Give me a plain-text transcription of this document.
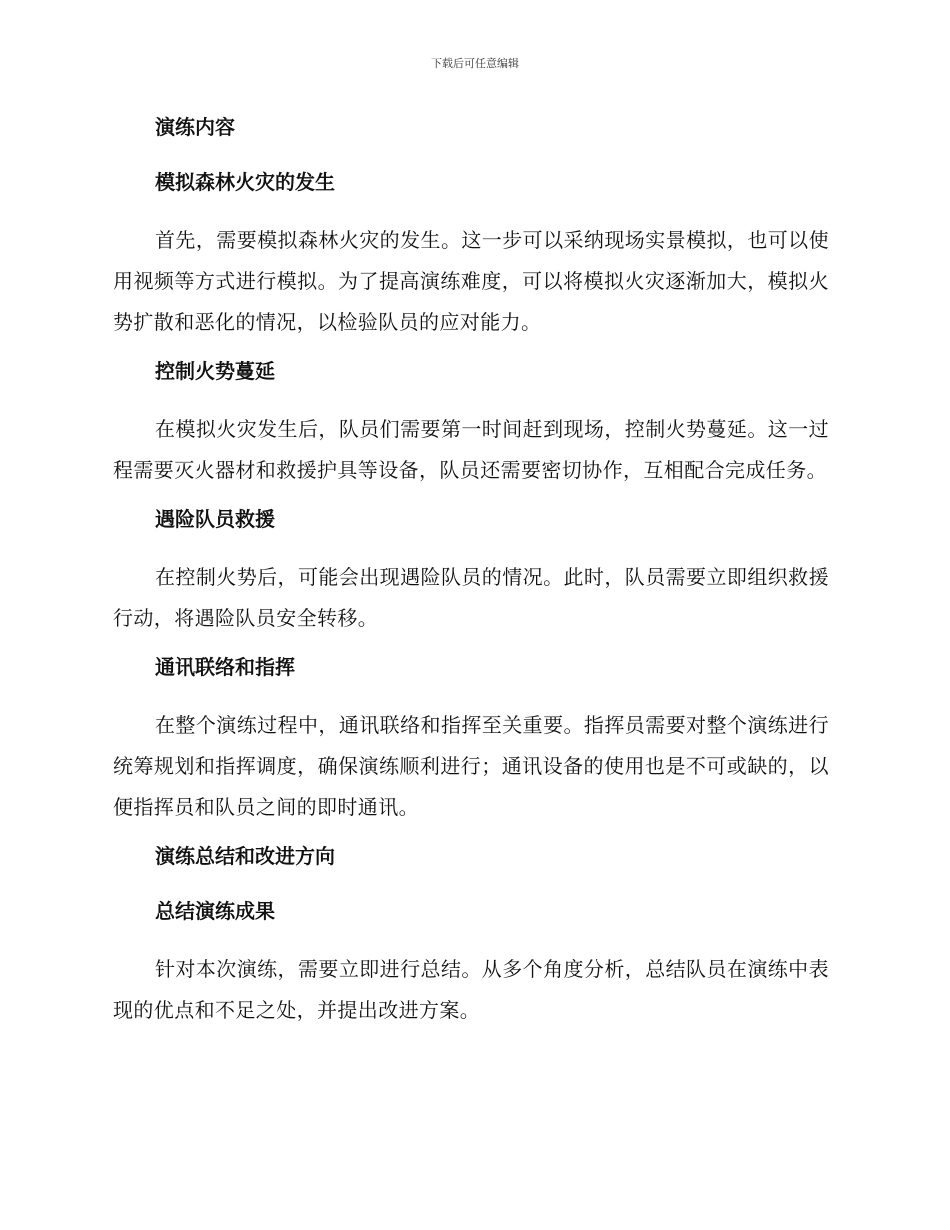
下载后可任意编辑
演练内容
模拟森林火灾的发生

首先，需要模拟森林火灾的发生。这一步可以采纳现场实景模拟，也可以使用视频等方式进行模拟。为了提高演练难度，可以将模拟火灾逐渐加大，模拟火势扩散和恶化的情况，以检验队员的应对能力。

控制火势蔓延

在模拟火灾发生后，队员们需要第一时间赶到现场，控制火势蔓延。这一过程需要灭火器材和救援护具等设备，队员还需要密切协作，互相配合完成任务。

遇险队员救援

在控制火势后，可能会出现遇险队员的情况。此时，队员需要立即组织救援行动，将遇险队员安全转移。

通讯联络和指挥

在整个演练过程中，通讯联络和指挥至关重要。指挥员需要对整个演练进行统筹规划和指挥调度，确保演练顺利进行；通讯设备的使用也是不可或缺的，以便指挥员和队员之间的即时通讯。

演练总结和改进方向
总结演练成果

针对本次演练，需要立即进行总结。从多个角度分析，总结队员在演练中表现的优点和不足之处，并提出改进方案。
